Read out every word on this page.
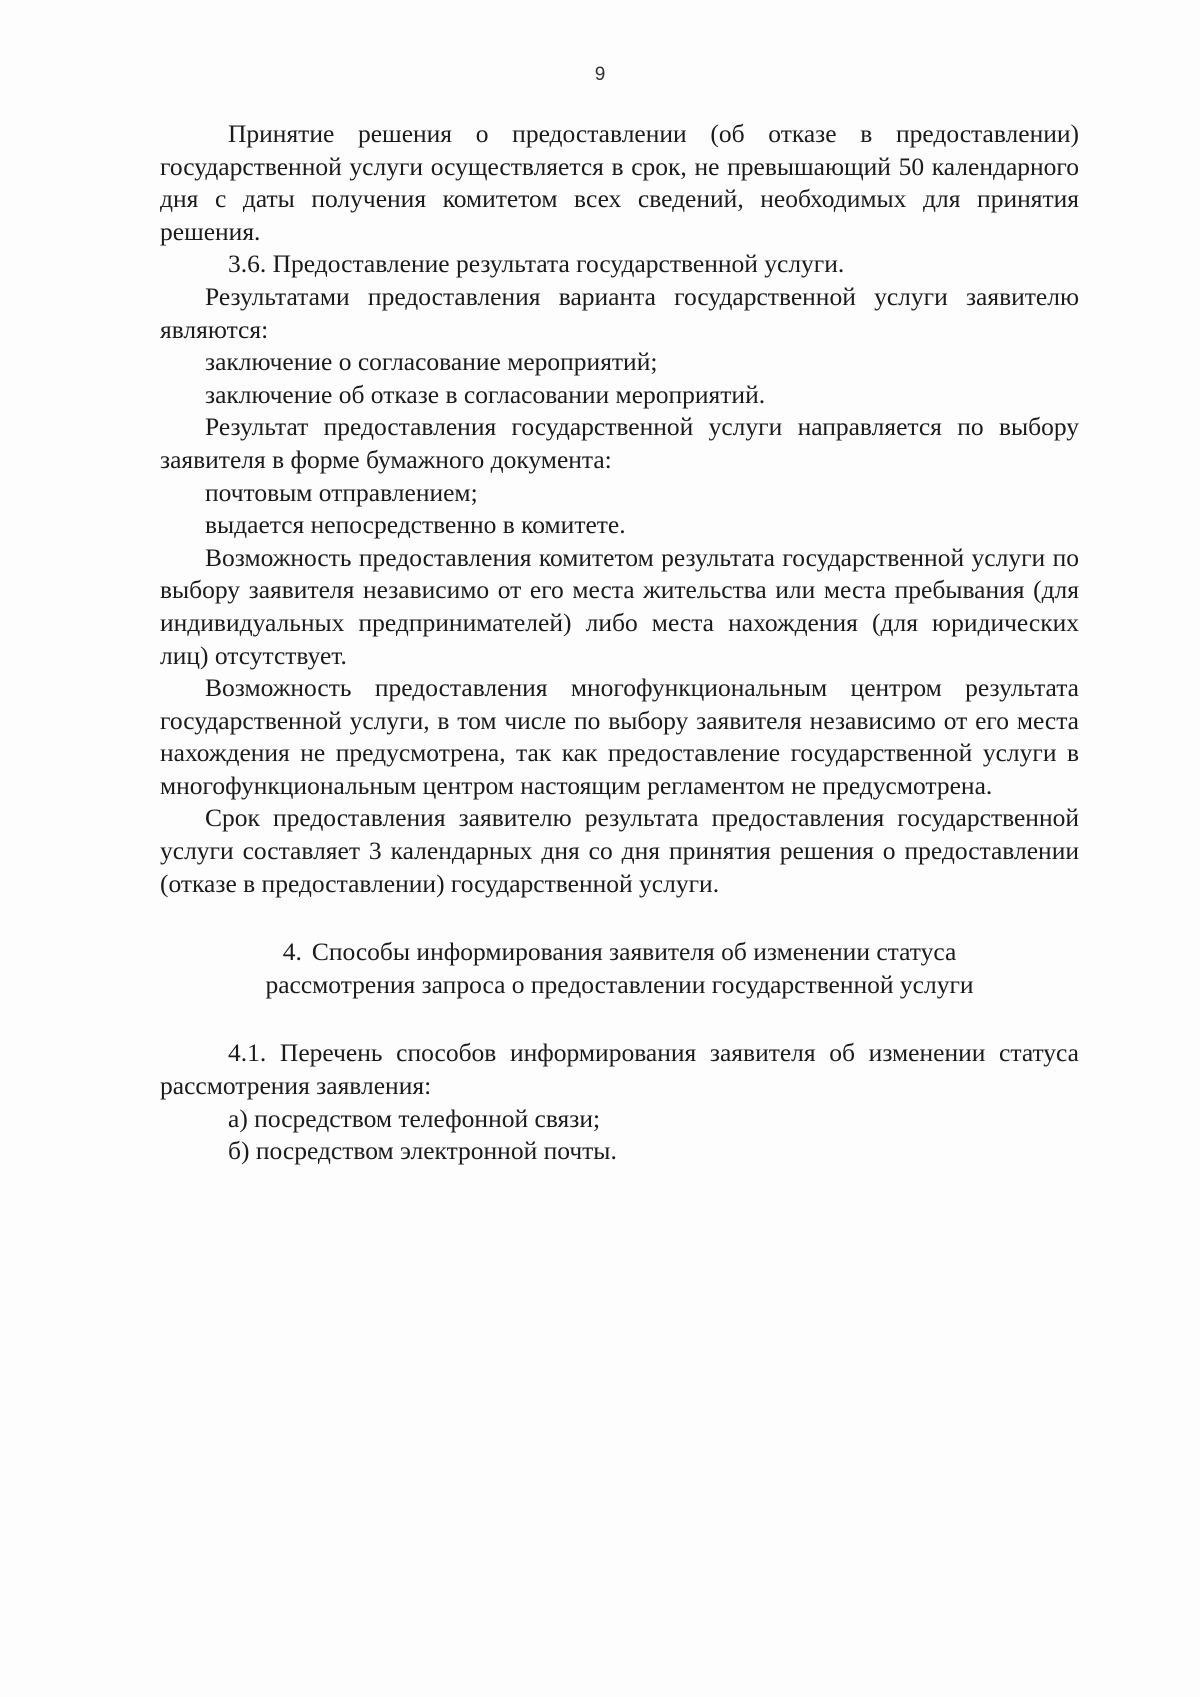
9

Принятие решения о предоставлении (об отказе в предоставлении) государственной услуги осуществляется в срок, не превышающий 50 календарного дня с даты получения комитетом всех сведений, необходимых для принятия решения.

3.6. Предоставление результата государственной услуги.

Результатами предоставления варианта государственной услуги заявителю являются:

заключение о согласование мероприятий;

заключение об отказе в согласовании мероприятий.

Результат предоставления государственной услуги направляется по выбору заявителя в форме бумажного документа:

почтовым отправлением;

выдается непосредственно в комитете.

Возможность предоставления комитетом результата государственной услуги по выбору заявителя независимо от его места жительства или места пребывания (для индивидуальных предпринимателей) либо места нахождения (для юридических лиц) отсутствует.

Возможность предоставления многофункциональным центром результата государственной услуги, в том числе по выбору заявителя независимо от его места нахождения не предусмотрена, так как предоставление государственной услуги в многофункциональным центром настоящим регламентом не предусмотрена.

Срок предоставления заявителю результата предоставления государственной услуги составляет 3 календарных дня со дня принятия решения о предоставлении (отказе в предоставлении) государственной услуги.

4. Способы информирования заявителя об изменении статуса
рассмотрения запроса о предоставлении государственной услуги

4.1. Перечень способов информирования заявителя об изменении статуса рассмотрения заявления:

а) посредством телефонной связи;

б) посредством электронной почты.
